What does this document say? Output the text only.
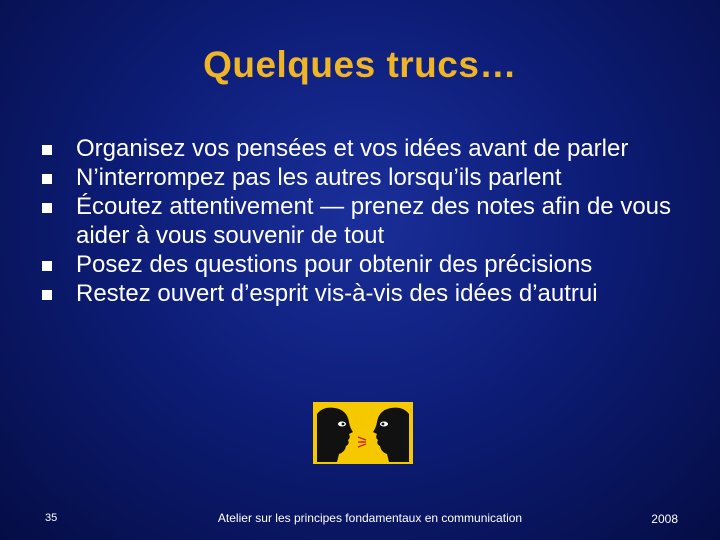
Quelques trucs…
Organisez vos pensées et vos idées avant de parler
N’interrompez pas les autres lorsqu’ils parlent
Écoutez attentivement — prenez des notes afin de vous aider à vous souvenir de tout
Posez des questions pour obtenir des précisions
Restez ouvert d’esprit vis-à-vis des idées d’autrui
35	Atelier sur les principes fondamentaux en communication	2008
